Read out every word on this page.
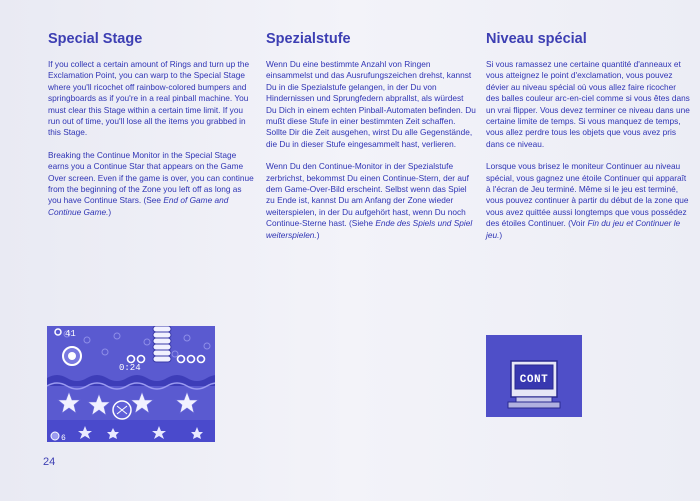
Special Stage

If you collect a certain amount of Rings and turn up the Exclamation Point, you can warp to the Special Stage where you'll ricochet off rainbow-colored bumpers and springboards as if you're in a real pinball machine. You must clear this Stage within a certain time limit. If you run out of time, you'll lose all the items you grabbed in this Stage.

Breaking the Continue Monitor in the Special Stage earns you a Continue Star that appears on the Game Over screen. Even if the game is over, you can continue from the beginning of the Zone you left off as long as you have Continue Stars. (See End of Game and Continue Game.)

Spezialstufe

Wenn Du eine bestimmte Anzahl von Ringen einsammelst und das Ausrufungszeichen drehst, kannst Du in die Spezialstufe gelangen, in der Du von Hindernissen und Sprungfedern abprallst, als würdest Du Dich in einem echten Pinball-Automaten befinden. Du mußt diese Stufe in einer bestimmten Zeit schaffen. Sollte Dir die Zeit ausgehen, wirst Du alle Gegenstände, die Du in dieser Stufe eingesammelt hast, verlieren.

Wenn Du den Continue-Monitor in der Spezialstufe zerbrichst, bekommst Du einen Continue-Stern, der auf dem Game-Over-Bild erscheint. Selbst wenn das Spiel zu Ende ist, kannst Du am Anfang der Zone wieder weiterspielen, in der Du aufgehört hast, wenn Du noch Continue-Sterne hast. (Siehe Ende des Spiels und Spiel weiterspielen.)

Niveau spécial

Si vous ramassez une certaine quantité d'anneaux et vous atteignez le point d'exclamation, vous pouvez dévier au niveau spécial où vous allez faire ricocher des balles couleur arc-en-ciel comme si vous êtes dans un vrai flipper. Vous devez terminer ce niveau dans une certaine limite de temps. Si vous manquez de temps, vous allez perdre tous les objets que vous avez pris dans ce niveau.

Lorsque vous brisez le moniteur Continuer au niveau spécial, vous gagnez une étoile Continuer qui apparaît à l'écran de Jeu terminé. Même si le jeu est terminé, vous pouvez continuer à partir du début de la zone que vous avez quittée aussi longtemps que vous possédez des étoiles Continuer. (Voir Fin du jeu et Continuer le jeu.)

41
0:24
6
CONT
24
